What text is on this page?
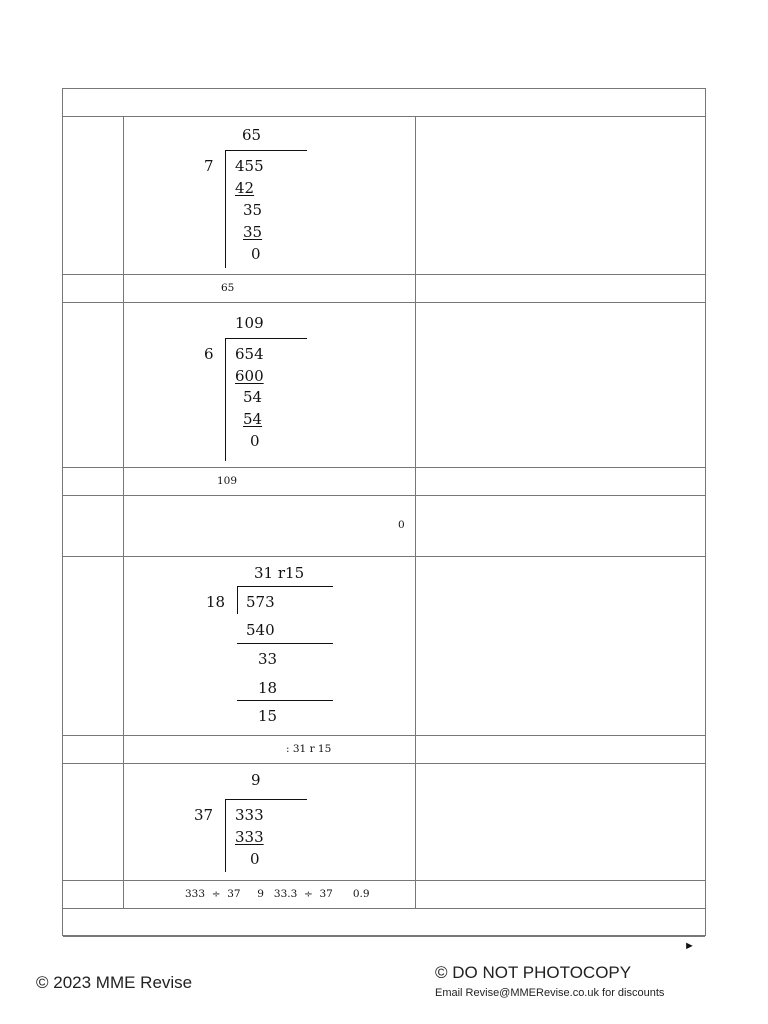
65
7 455
42
35
35
0
65
109
6 654
600
54
54
0
109
0
31 r15
18 573
540
33
18
15
: 31 r 15
9
37 333
333
0
333  ÷  37     9   33.3  ÷  37      0.9
►
© 2023 MME Revise
© DO NOT PHOTOCOPY
Email Revise@MMERevise.co.uk for discounts
